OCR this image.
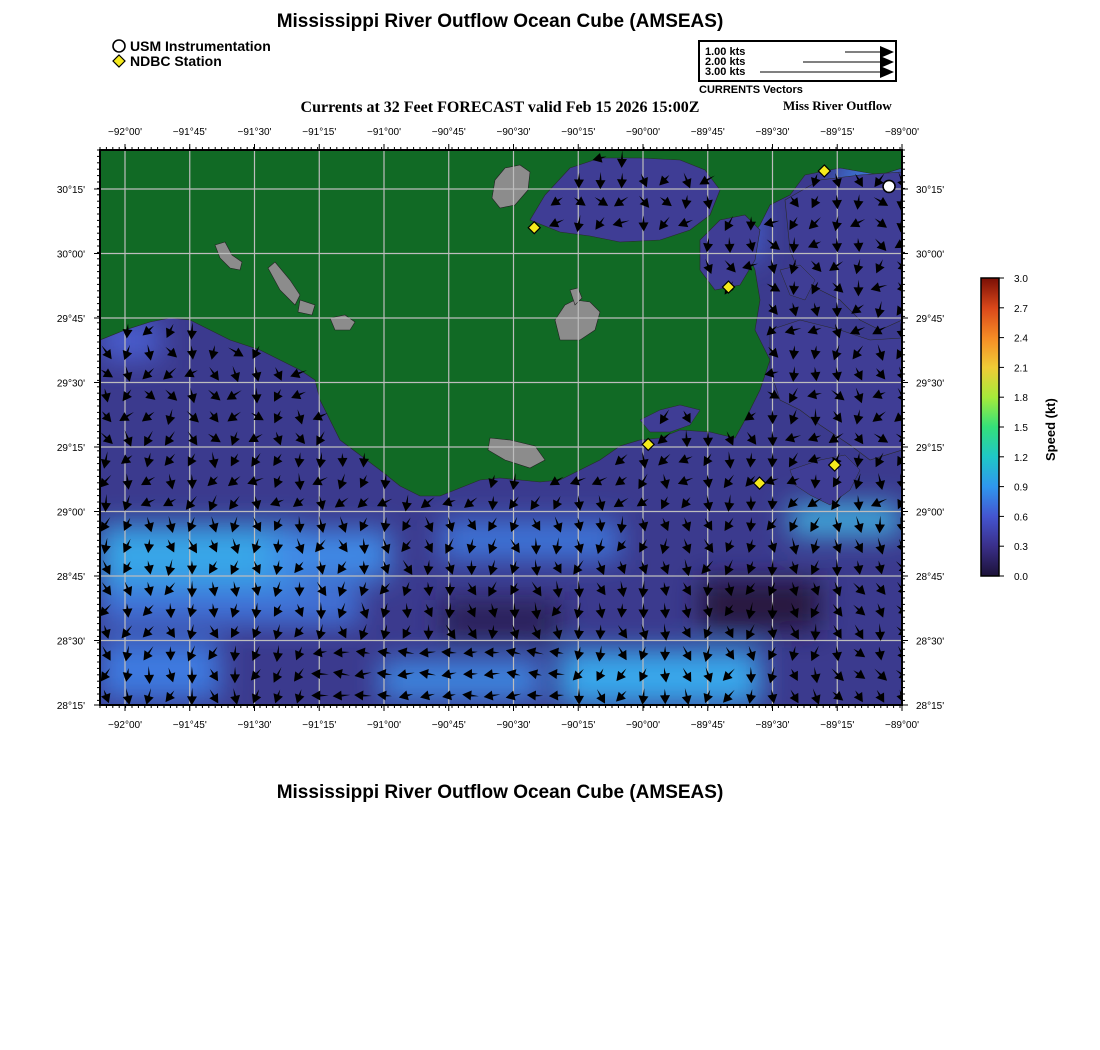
Mississippi River Outflow Ocean Cube (AMSEAS)
USM Instrumentation
NDBC Station
1.00 kts
2.00 kts
3.00 kts
CURRENTS Vectors
Currents at 32 Feet FORECAST valid Feb 15 2026 15:00Z	Miss River Outflow
−92°00'
−92°00'
−91°45'
−91°45'
−91°30'
−91°30'
−91°15'
−91°15'
−91°00'
−91°00'
−90°45'
−90°45'
−90°30'
−90°30'
−90°15'
−90°15'
−90°00'
−90°00'
−89°45'
−89°45'
−89°30'
−89°30'
−89°15'
−89°15'
−89°00'
−89°00'
30°15'	30°15'
30°00'	30°00'
29°45'	29°45'
29°30'	29°30'
29°15'	29°15'
29°00'	29°00'
28°45'	28°45'
28°30'	28°30'
28°15'	28°15'
0.0
0.3
0.6
0.9
1.2
1.5
1.8
2.1
2.4
2.7
3.0
Speed (kt)
Mississippi River Outflow Ocean Cube (AMSEAS)
